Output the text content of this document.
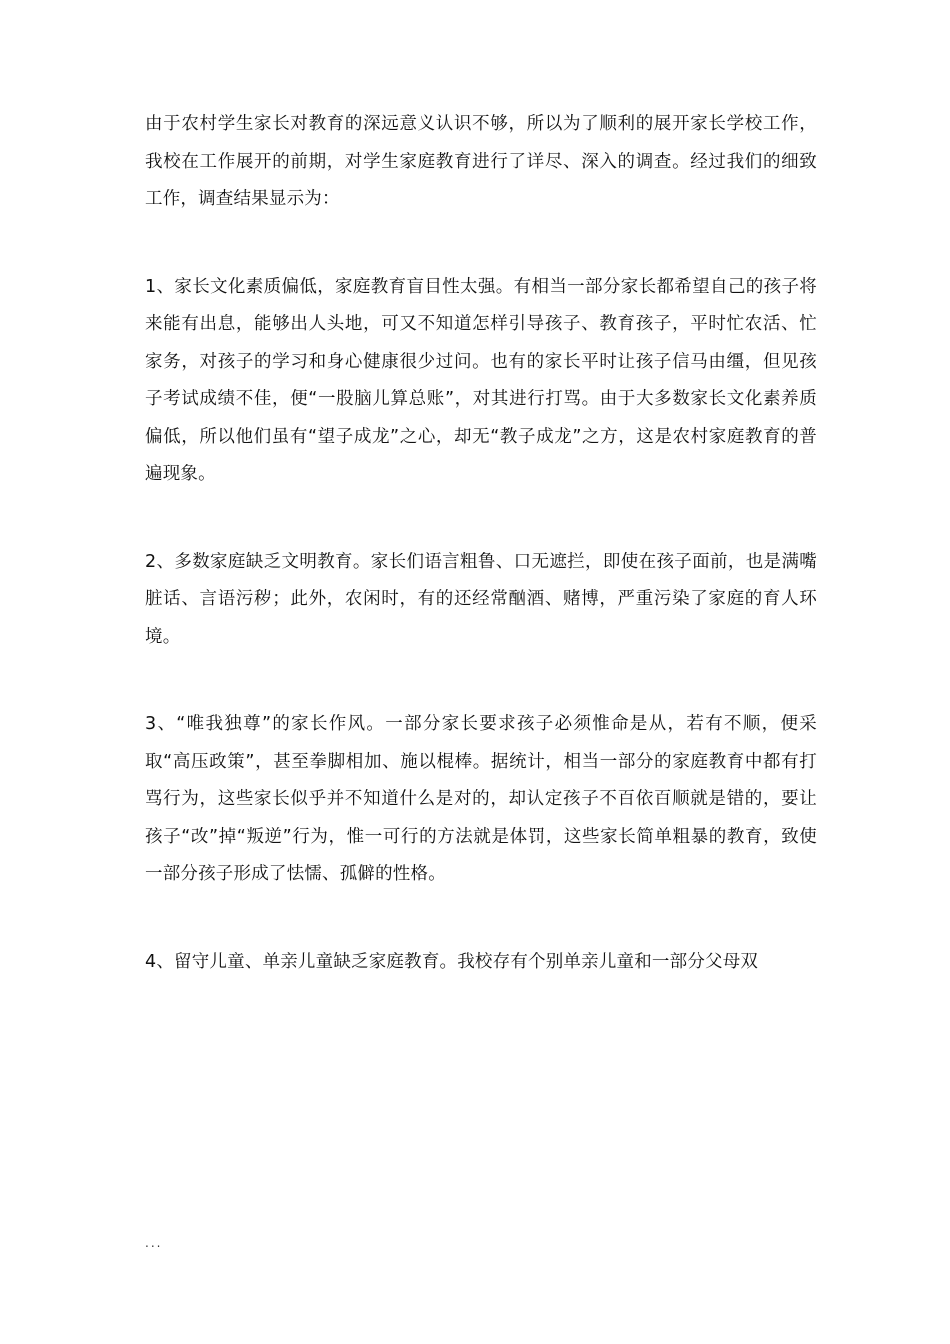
由于农村学生家长对教育的深远意义认识不够，所以为了顺利的展开家长学校工作，我校在工作展开的前期，对学生家庭教育进行了详尽、深入的调查。经过我们的细致工作，调查结果显示为：

1、家长文化素质偏低，家庭教育盲目性太强。有相当一部分家长都希望自己的孩子将来能有出息，能够出人头地，可又不知道怎样引导孩子、教育孩子，平时忙农活、忙家务，对孩子的学习和身心健康很少过问。也有的家长平时让孩子信马由缰，但见孩子考试成绩不佳，便“一股脑儿算总账”，对其进行打骂。由于大多数家长文化素养质偏低，所以他们虽有“望子成龙”之心，却无“教子成龙”之方，这是农村家庭教育的普遍现象。

2、多数家庭缺乏文明教育。家长们语言粗鲁、口无遮拦，即使在孩子面前，也是满嘴脏话、言语污秽；此外，农闲时，有的还经常酗酒、赌博，严重污染了家庭的育人环境。

3、“唯我独尊”的家长作风。一部分家长要求孩子必须惟命是从，若有不顺，便采取“高压政策”，甚至拳脚相加、施以棍棒。据统计，相当一部分的家庭教育中都有打骂行为，这些家长似乎并不知道什么是对的，却认定孩子不百依百顺就是错的，要让孩子“改”掉“叛逆”行为，惟一可行的方法就是体罚，这些家长简单粗暴的教育，致使一部分孩子形成了怯懦、孤僻的性格。

4、留守儿童、单亲儿童缺乏家庭教育。我校存有个别单亲儿童和一部分父母双

...
